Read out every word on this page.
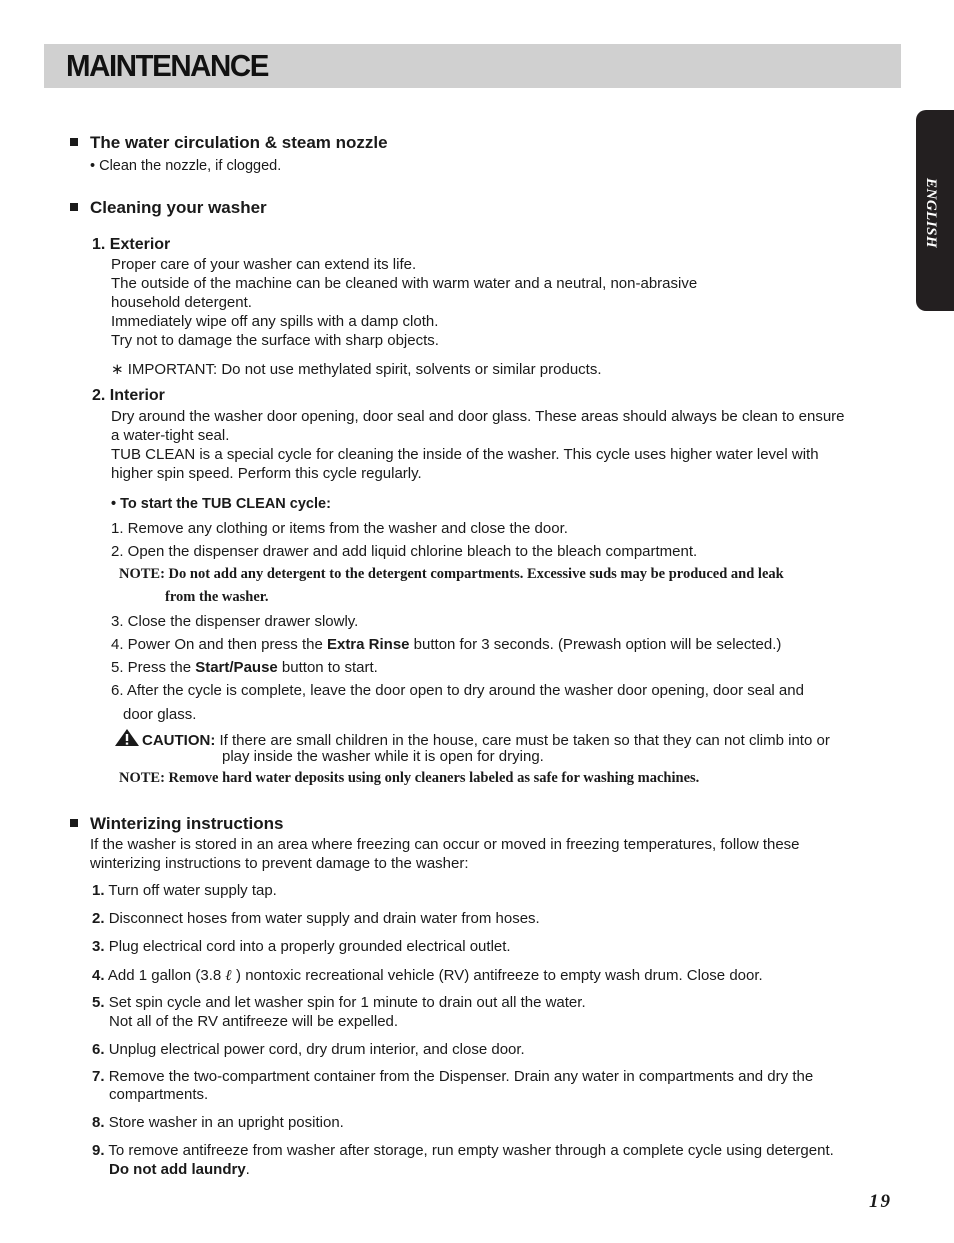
MAINTENANCE
ENGLISH
The water circulation & steam nozzle
• Clean the nozzle, if clogged.
Cleaning your washer
1. Exterior
Proper care of your washer can extend its life.
The outside of the machine can be cleaned with warm water and a neutral, non-abrasive
household detergent.
Immediately wipe off any spills with a damp cloth.
Try not to damage the surface with sharp objects.
∗ IMPORTANT: Do not use methylated spirit, solvents or similar products.
2. Interior
Dry around the washer door opening, door seal and door glass. These areas should always be clean to ensure
a water-tight seal.
TUB CLEAN is a special cycle for cleaning the inside of the washer. This cycle uses higher water level with
higher spin speed. Perform this cycle regularly.
• To start the TUB CLEAN cycle:
1. Remove any clothing or items from the washer and close the door.
2. Open the dispenser drawer and add liquid chlorine bleach to the bleach compartment.
NOTE: Do not add any detergent to the detergent compartments. Excessive suds may be produced and leak
from the washer.
3. Close the dispenser drawer slowly.
4. Power On and then press the Extra Rinse button for 3 seconds. (Prewash option will be selected.)
5. Press the Start/Pause button to start.
6. After the cycle is complete, leave the door open to dry around the washer door opening, door seal and
door glass.
CAUTION: If there are small children in the house, care must be taken so that they can not climb into or
play inside the washer while it is open for drying.
NOTE: Remove hard water deposits using only cleaners labeled as safe for washing machines.
Winterizing instructions
If the washer is stored in an area where freezing can occur or moved in freezing temperatures, follow these
winterizing instructions to prevent damage to the washer:
1. Turn off water supply tap.
2. Disconnect hoses from water supply and drain water from hoses.
3. Plug electrical cord into a properly grounded electrical outlet.
4. Add 1 gallon (3.8 ℓ ) nontoxic recreational vehicle (RV) antifreeze to empty wash drum. Close door.
5. Set spin cycle and let washer spin for 1 minute to drain out all the water.
Not all of the RV antifreeze will be expelled.
6. Unplug electrical power cord, dry drum interior, and close door.
7. Remove the two-compartment container from the Dispenser. Drain any water in compartments and dry the
compartments.
8. Store washer in an upright position.
9. To remove antifreeze from washer after storage, run empty washer through a complete cycle using detergent.
Do not add laundry.
19
